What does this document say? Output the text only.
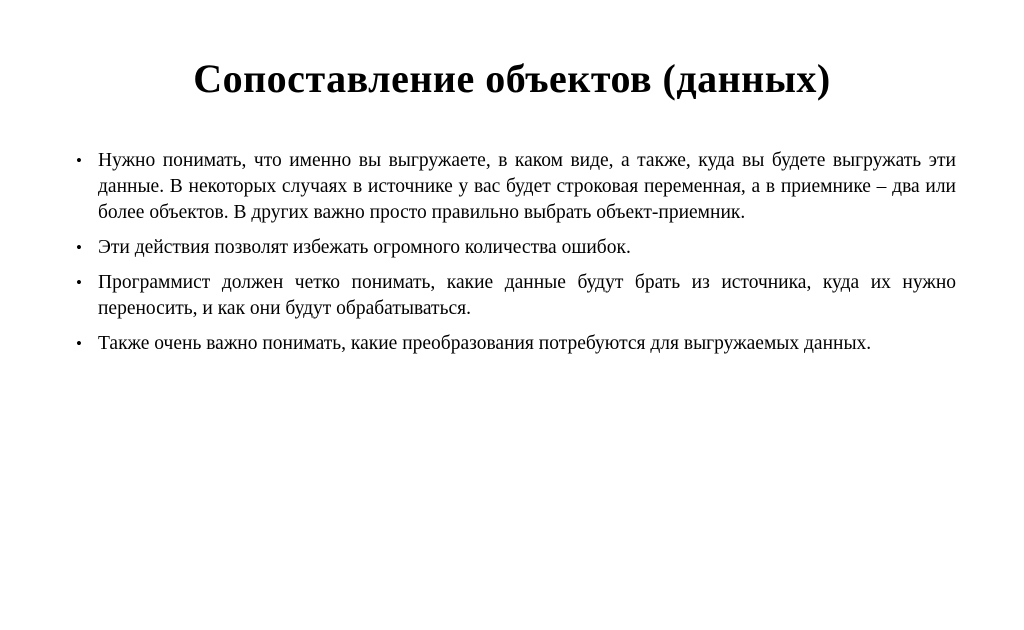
Сопоставление объектов (данных)
• Нужно понимать, что именно вы выгружаете, в каком виде, а также, куда вы будете выгружать эти данные. В некоторых случаях в источнике у вас будет строковая переменная, а в приемнике – два или более объектов. В других важно просто правильно выбрать объект-приемник.
• Эти действия позволят избежать огромного количества ошибок.
• Программист должен четко понимать, какие данные будут брать из источника, куда их нужно переносить, и как они будут обрабатываться.
• Также очень важно понимать, какие преобразования потребуются для выгружаемых данных.
